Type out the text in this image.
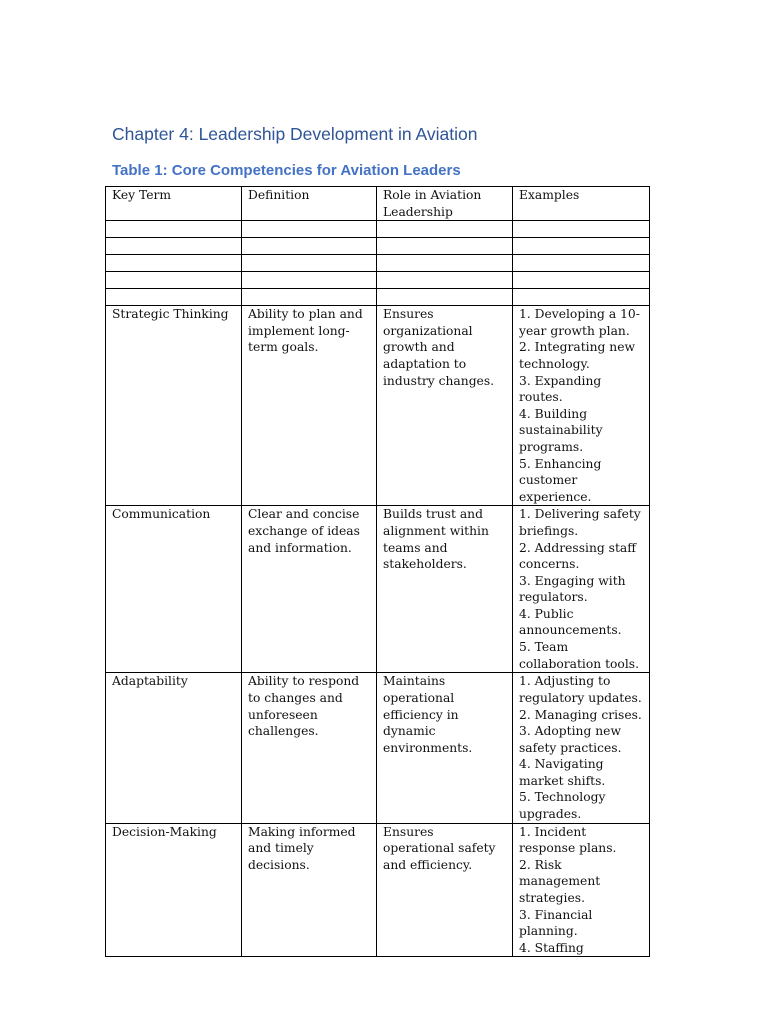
Chapter 4: Leadership Development in Aviation
Table 1: Core Competencies for Aviation Leaders
Key Term	Definition	Role in Aviation Leadership	Examples

Strategic Thinking	Ability to plan and implement long-term goals.	Ensures organizational growth and adaptation to industry changes.	1. Developing a 10-year growth plan.
2. Integrating new technology.
3. Expanding routes.
4. Building sustainability programs.
5. Enhancing customer experience.

Communication	Clear and concise exchange of ideas and information.	Builds trust and alignment within teams and stakeholders.	1. Delivering safety briefings.
2. Addressing staff concerns.
3. Engaging with regulators.
4. Public announcements.
5. Team collaboration tools.

Adaptability	Ability to respond to changes and unforeseen challenges.	Maintains operational efficiency in dynamic environments.	1. Adjusting to regulatory updates.
2. Managing crises.
3. Adopting new safety practices.
4. Navigating market shifts.
5. Technology upgrades.

Decision-Making	Making informed and timely decisions.	Ensures operational safety and efficiency.	1. Incident response plans.
2. Risk management strategies.
3. Financial planning.
4. Staffing
